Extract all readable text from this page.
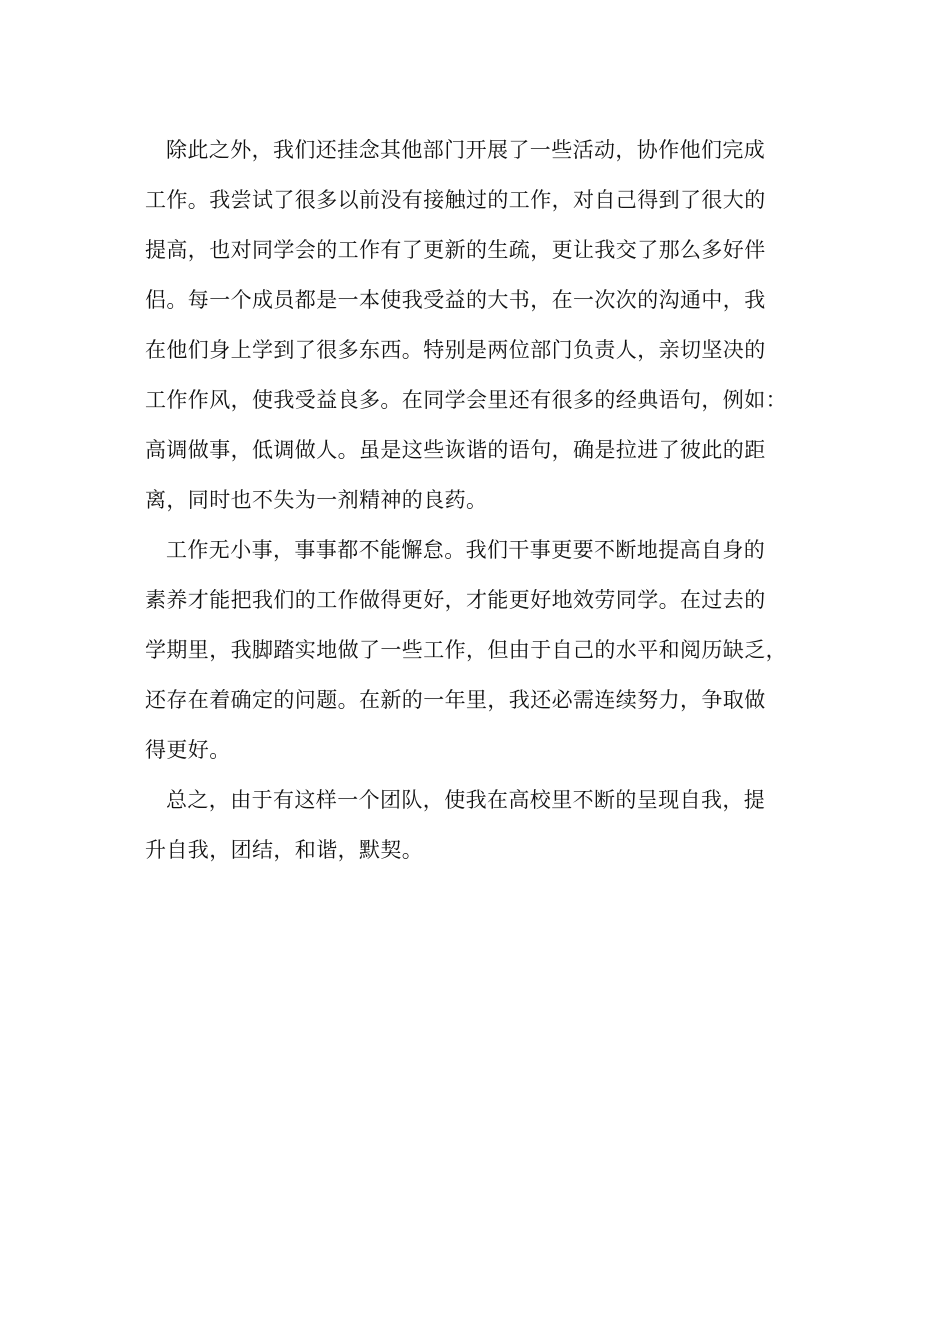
除此之外，我们还挂念其他部门开展了一些活动，协作他们完成
工作。我尝试了很多以前没有接触过的工作，对自己得到了很大的
提高，也对同学会的工作有了更新的生疏，更让我交了那么多好伴
侣。每一个成员都是一本使我受益的大书，在一次次的沟通中，我
在他们身上学到了很多东西。特别是两位部门负责人，亲切坚决的
工作作风，使我受益良多。在同学会里还有很多的经典语句，例如：
高调做事，低调做人。虽是这些诙谐的语句，确是拉进了彼此的距
离，同时也不失为一剂精神的良药。
工作无小事，事事都不能懈怠。我们干事更要不断地提高自身的
素养才能把我们的工作做得更好，才能更好地效劳同学。在过去的
学期里，我脚踏实地做了一些工作，但由于自己的水平和阅历缺乏，
还存在着确定的问题。在新的一年里，我还必需连续努力，争取做
得更好。
总之，由于有这样一个团队，使我在高校里不断的呈现自我，提
升自我，团结，和谐，默契。
